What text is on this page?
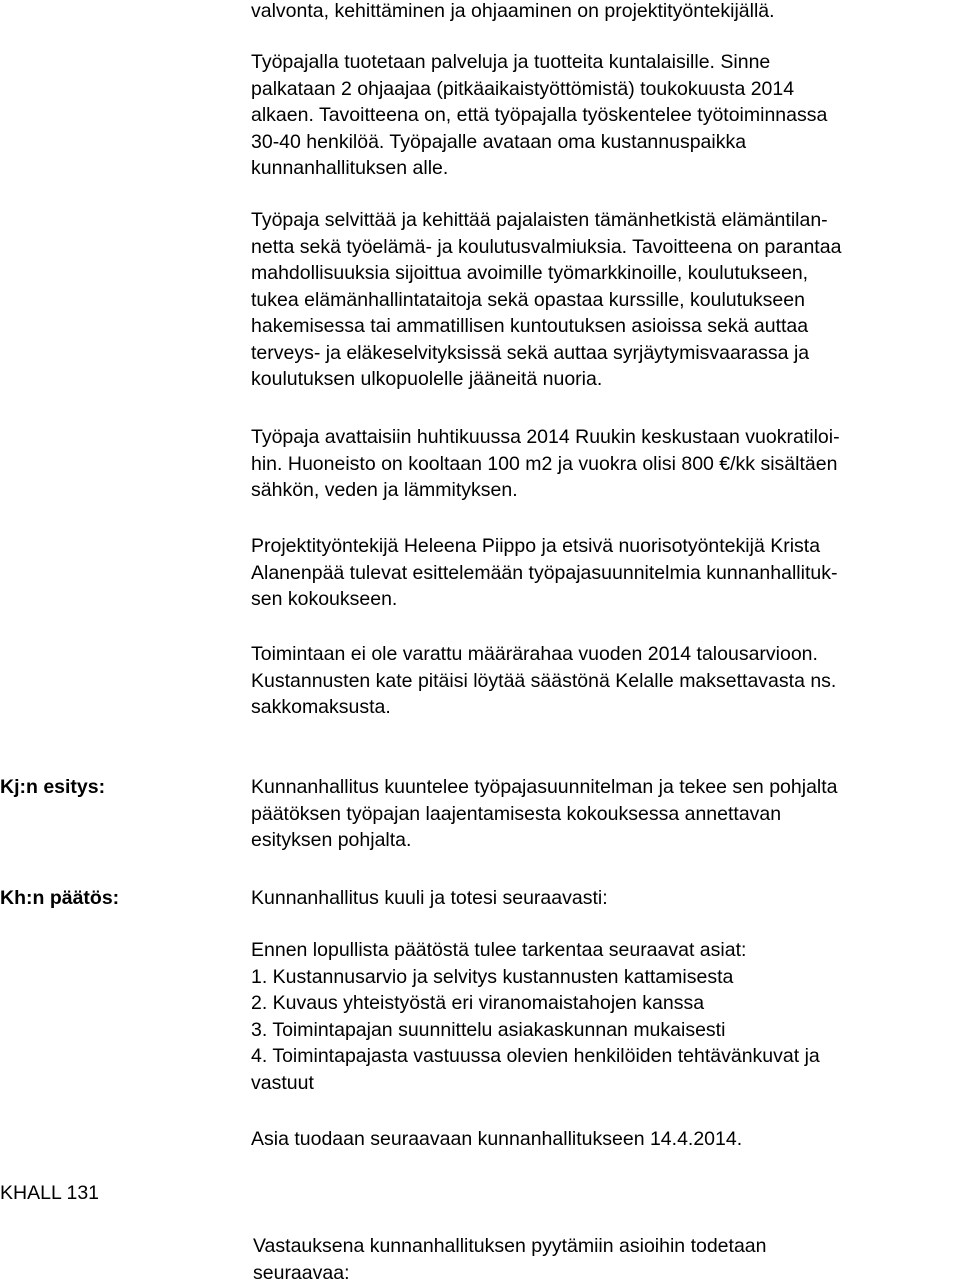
valvonta, kehittäminen ja ohjaaminen on projektityöntekijällä.

Työpajalla tuotetaan palveluja ja tuotteita kuntalaisille. Sinne
palkataan 2 ohjaajaa (pitkäaikaistyöttömistä) toukokuusta 2014
alkaen. Tavoitteena on, että työpajalla työskentelee työtoiminnassa
30-40 henkilöä. Työpajalle avataan oma kustannuspaikka
kunnanhallituksen alle.

Työpaja selvittää ja kehittää pajalaisten tämänhetkistä elämäntilan-
netta sekä työelämä- ja koulutusvalmiuksia. Tavoitteena on parantaa
mahdollisuuksia sijoittua avoimille työmarkkinoille, koulutukseen,
tukea elämänhallintataitoja sekä opastaa kurssille, koulutukseen
hakemisessa tai ammatillisen kuntoutuksen asioissa sekä auttaa
terveys- ja eläkeselvityksissä sekä auttaa syrjäytymisvaarassa ja
koulutuksen ulkopuolelle jääneitä nuoria.

Työpaja avattaisiin huhtikuussa 2014 Ruukin keskustaan vuokratiloi-
hin. Huoneisto on kooltaan 100 m2 ja vuokra olisi 800 €/kk sisältäen
sähkön, veden ja lämmityksen.

Projektityöntekijä Heleena Piippo ja etsivä nuorisotyöntekijä Krista
Alanenpää tulevat esittelemään työpajasuunnitelmia kunnanhallituk-
sen kokoukseen.

Toimintaan ei ole varattu määrärahaa vuoden 2014 talousarvioon.
Kustannusten kate pitäisi löytää säästönä Kelalle maksettavasta ns.
sakkomaksusta.

Kj:n esitys:	Kunnanhallitus kuuntelee työpajasuunnitelman ja tekee sen pohjalta
päätöksen työpajan laajentamisesta kokouksessa annettavan
esityksen pohjalta.

Kh:n päätös:	Kunnanhallitus kuuli ja totesi seuraavasti:

Ennen lopullista päätöstä tulee tarkentaa seuraavat asiat:
1. Kustannusarvio ja selvitys kustannusten kattamisesta
2. Kuvaus yhteistyöstä eri viranomaistahojen kanssa
3. Toimintapajan suunnittelu asiakaskunnan mukaisesti
4. Toimintapajasta vastuussa olevien henkilöiden tehtävänkuvat ja
vastuut

Asia tuodaan seuraavaan kunnanhallitukseen 14.4.2014.

KHALL 131

Vastauksena kunnanhallituksen pyytämiin asioihin todetaan
seuraavaa:
